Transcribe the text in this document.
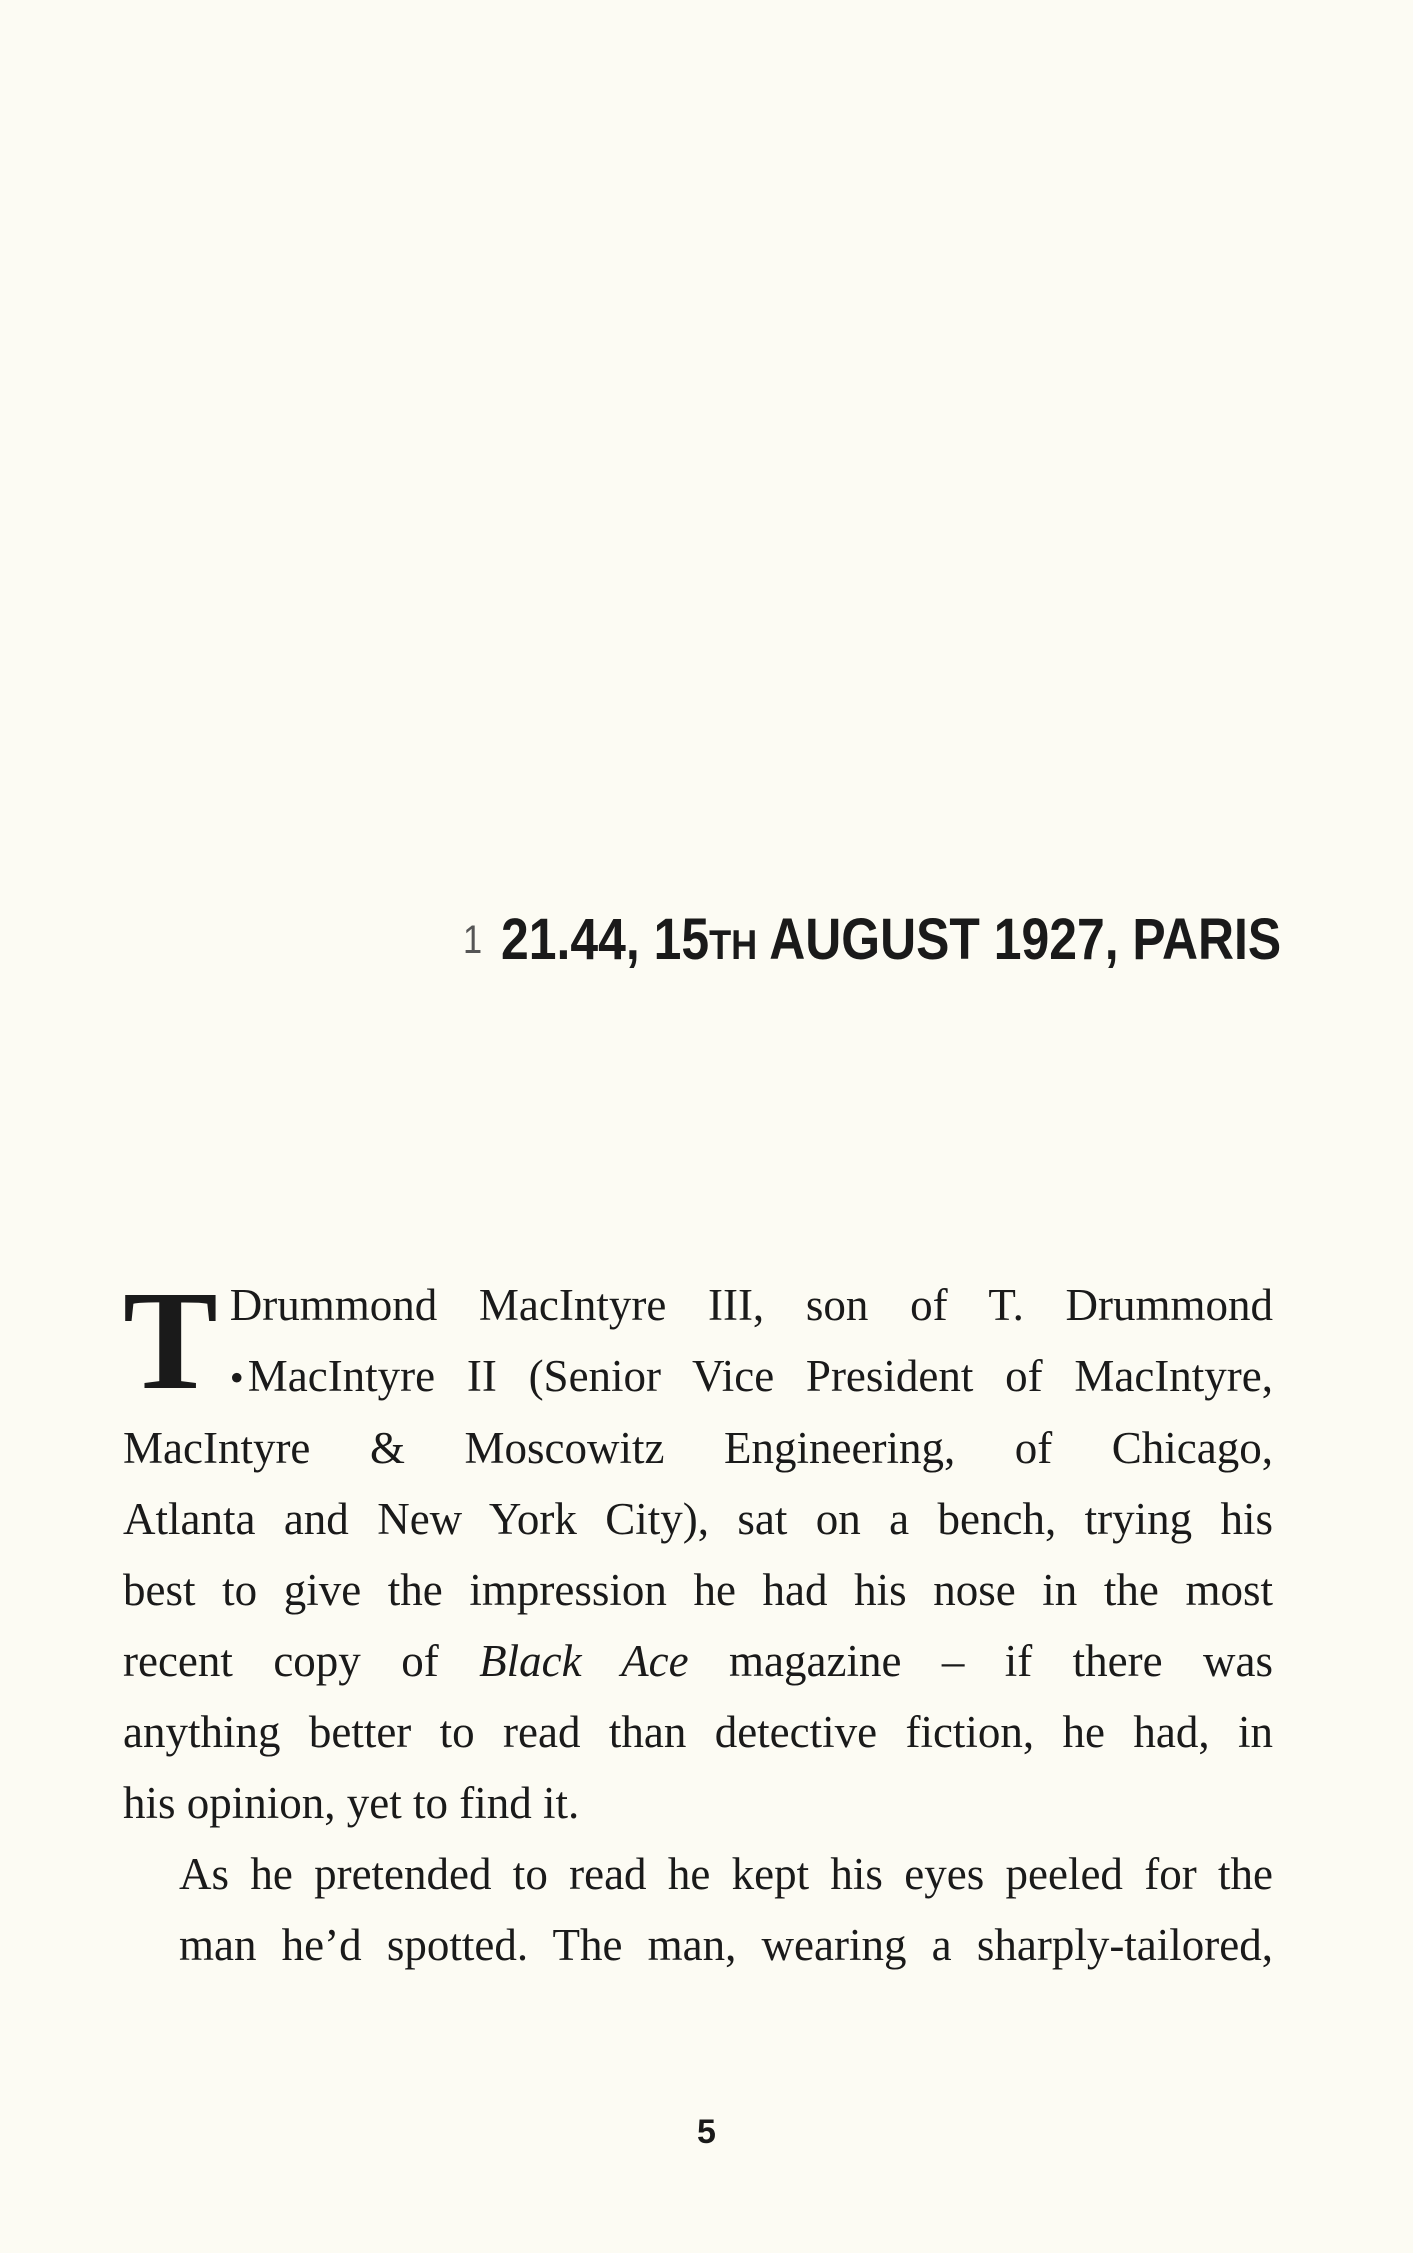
1 21.44, 15TH AUGUST 1927, PARIS
T Drummond MacIntyre III, son of T. Drummond
•MacIntyre II (Senior Vice President of MacIntyre,
MacIntyre & Moscowitz Engineering, of Chicago,
Atlanta and New York City), sat on a bench, trying his
best to give the impression he had his nose in the most
recent copy of Black Ace magazine – if there was
anything better to read than detective fiction, he had, in
his opinion, yet to find it.
As he pretended to read he kept his eyes peeled for the
man he’d spotted. The man, wearing a sharply-tailored,
5
